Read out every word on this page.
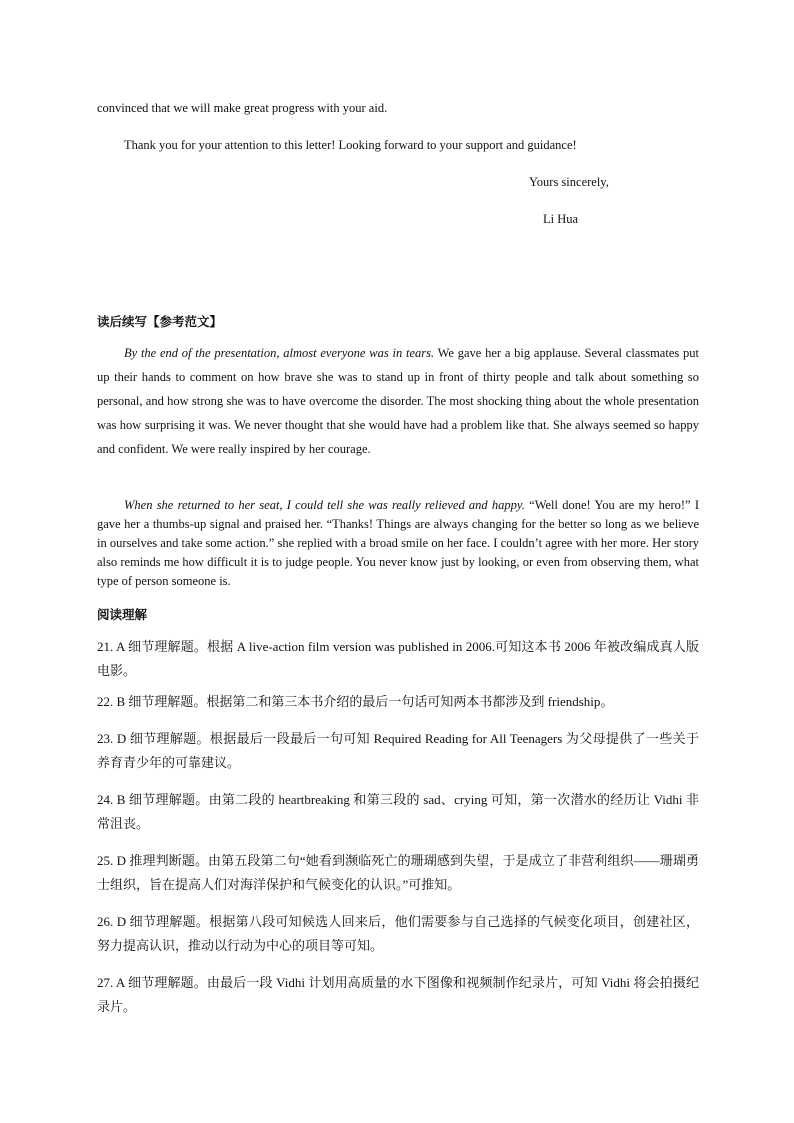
convinced that we will make great progress with your aid.
Thank you for your attention to this letter! Looking forward to your support and guidance!
Yours sincerely,
Li Hua
读后续写【参考范文】
By the end of the presentation, almost everyone was in tears. We gave her a big applause. Several classmates put up their hands to comment on how brave she was to stand up in front of thirty people and talk about something so personal, and how strong she was to have overcome the disorder. The most shocking thing about the whole presentation was how surprising it was. We never thought that she would have had a problem like that. She always seemed so happy and confident. We were really inspired by her courage.
When she returned to her seat, I could tell she was really relieved and happy. “Well done! You are my hero!” I gave her a thumbs-up signal and praised her. “Thanks! Things are always changing for the better so long as we believe in ourselves and take some action.” she replied with a broad smile on her face. I couldn’t agree with her more. Her story also reminds me how difficult it is to judge people. You never know just by looking, or even from observing them, what type of person someone is.
阅读理解
21. A 细节理解题。根据 A live-action film version was published in 2006.可知这本书 2006 年被改编成真人版电影。
22. B 细节理解题。根据第二和第三本书介绍的最后一句话可知两本书都涉及到 friendship。
23. D 细节理解题。根据最后一段最后一句可知 Required Reading for All Teenagers 为父母提供了一些关于养育青少年的可靠建议。
24. B 细节理解题。由第二段的 heartbreaking 和第三段的 sad、crying 可知，第一次潜水的经历让 Vidhi 非常沮丧。
25. D 推理判断题。由第五段第二句“她看到濒临死亡的珊瑚感到失望，于是成立了非营利组织——珊瑚勇士组织，旨在提高人们对海洋保护和气候变化的认识。”可推知。
26. D 细节理解题。根据第八段可知候选人回来后，他们需要参与自己选择的气候变化项目，创建社区，努力提高认识，推动以行动为中心的项目等可知。
27. A 细节理解题。由最后一段 Vidhi 计划用高质量的水下图像和视频制作纪录片，可知 Vidhi 将会拍摄纪录片。
